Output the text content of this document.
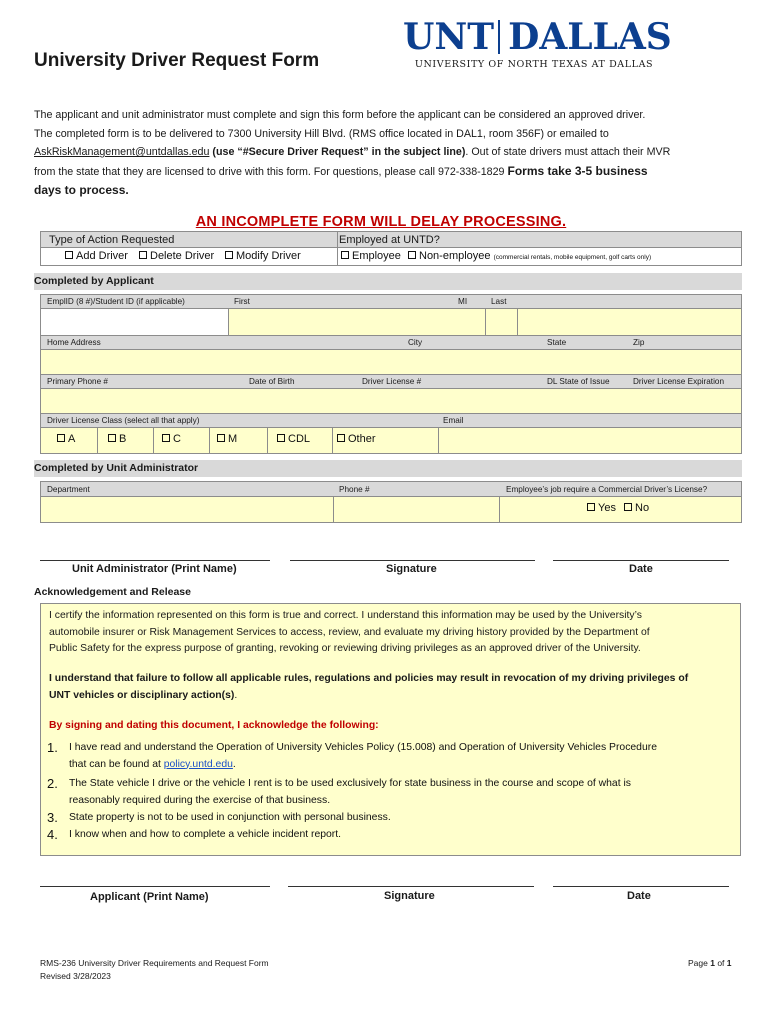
University Driver Request Form
UNT DALLAS
UNIVERSITY OF NORTH TEXAS AT DALLAS
The applicant and unit administrator must complete and sign this form before the applicant can be considered an approved driver.
The completed form is to be delivered to 7300 University Hill Blvd. (RMS office located in DAL1, room 356F) or emailed to
AskRiskManagement@untdallas.edu (use “#Secure Driver Request” in the subject line). Out of state drivers must attach their MVR
from the state that they are licensed to drive with this form. For questions, please call 972-338-1829 Forms take 3-5 business
days to process.
AN INCOMPLETE FORM WILL DELAY PROCESSING.
Type of Action Requested	Employed at UNTD?
Add Driver	Delete Driver	Modify Driver	Employee	Non-employee (commercial rentals, mobile equipment, golf carts only)
Completed by Applicant
EmplID (8 #)/Student ID (if applicable)	First	MI	Last
Home Address	City	State	Zip
Primary Phone #	Date of Birth	Driver License #	DL State of Issue	Driver License Expiration
Driver License Class (select all that apply)	Email
A	B	C	M	CDL	Other
Completed by Unit Administrator
Department	Phone #	Employee’s job require a Commercial Driver’s License?
Yes	No
Unit Administrator (Print Name)	Signature	Date
Acknowledgement and Release

I certify the information represented on this form is true and correct. I understand this information may be used by the University’s

automobile insurer or Risk Management Services to access, review, and evaluate my driving history provided by the Department of

Public Safety for the express purpose of granting, revoking or reviewing driving privileges as an approved driver of the University.

I understand that failure to follow all applicable rules, regulations and policies may result in revocation of my driving privileges of

UNT vehicles or disciplinary action(s).

By signing and dating this document, I acknowledge the following:

1. I have read and understand the Operation of University Vehicles Policy (15.008) and Operation of University Vehicles Procedure
that can be found at policy.untd.edu.
2. The State vehicle I drive or the vehicle I rent is to be used exclusively for state business in the course and scope of what is
reasonably required during the exercise of that business.
3. State property is not to be used in conjunction with personal business.
4. I know when and how to complete a vehicle incident report.
Applicant (Print Name)	Signature	Date
RMS-236 University Driver Requirements and Request Form
Revised 3/28/2023
Page 1 of 1
